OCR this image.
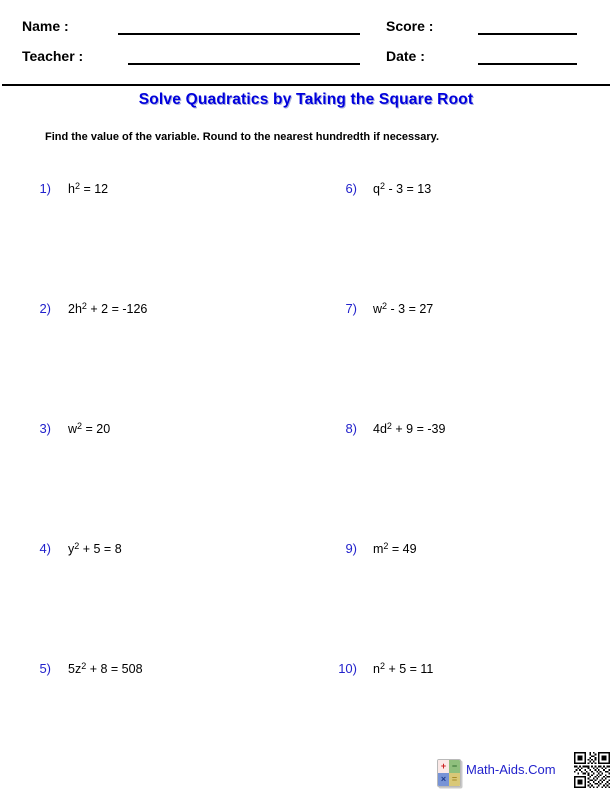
Name :	Score :
Teacher :	Date :
Solve Quadratics by Taking the Square Root
Find the value of the variable. Round to the nearest hundredth if necessary.
1) $h^2 = 12$	6) $q^2 - 3 = 13$
2) $2h^2 + 2 = -126$	7) $w^2 - 3 = 27$
3) $w^2 = 20$	8) $4d^2 + 9 = -39$
4) $y^2 + 5 = 8$	9) $m^2 = 49$
5) $5z^2 + 8 = 508$	10) $n^2 + 5 = 11$
+ −
× =
Math-Aids.Com
